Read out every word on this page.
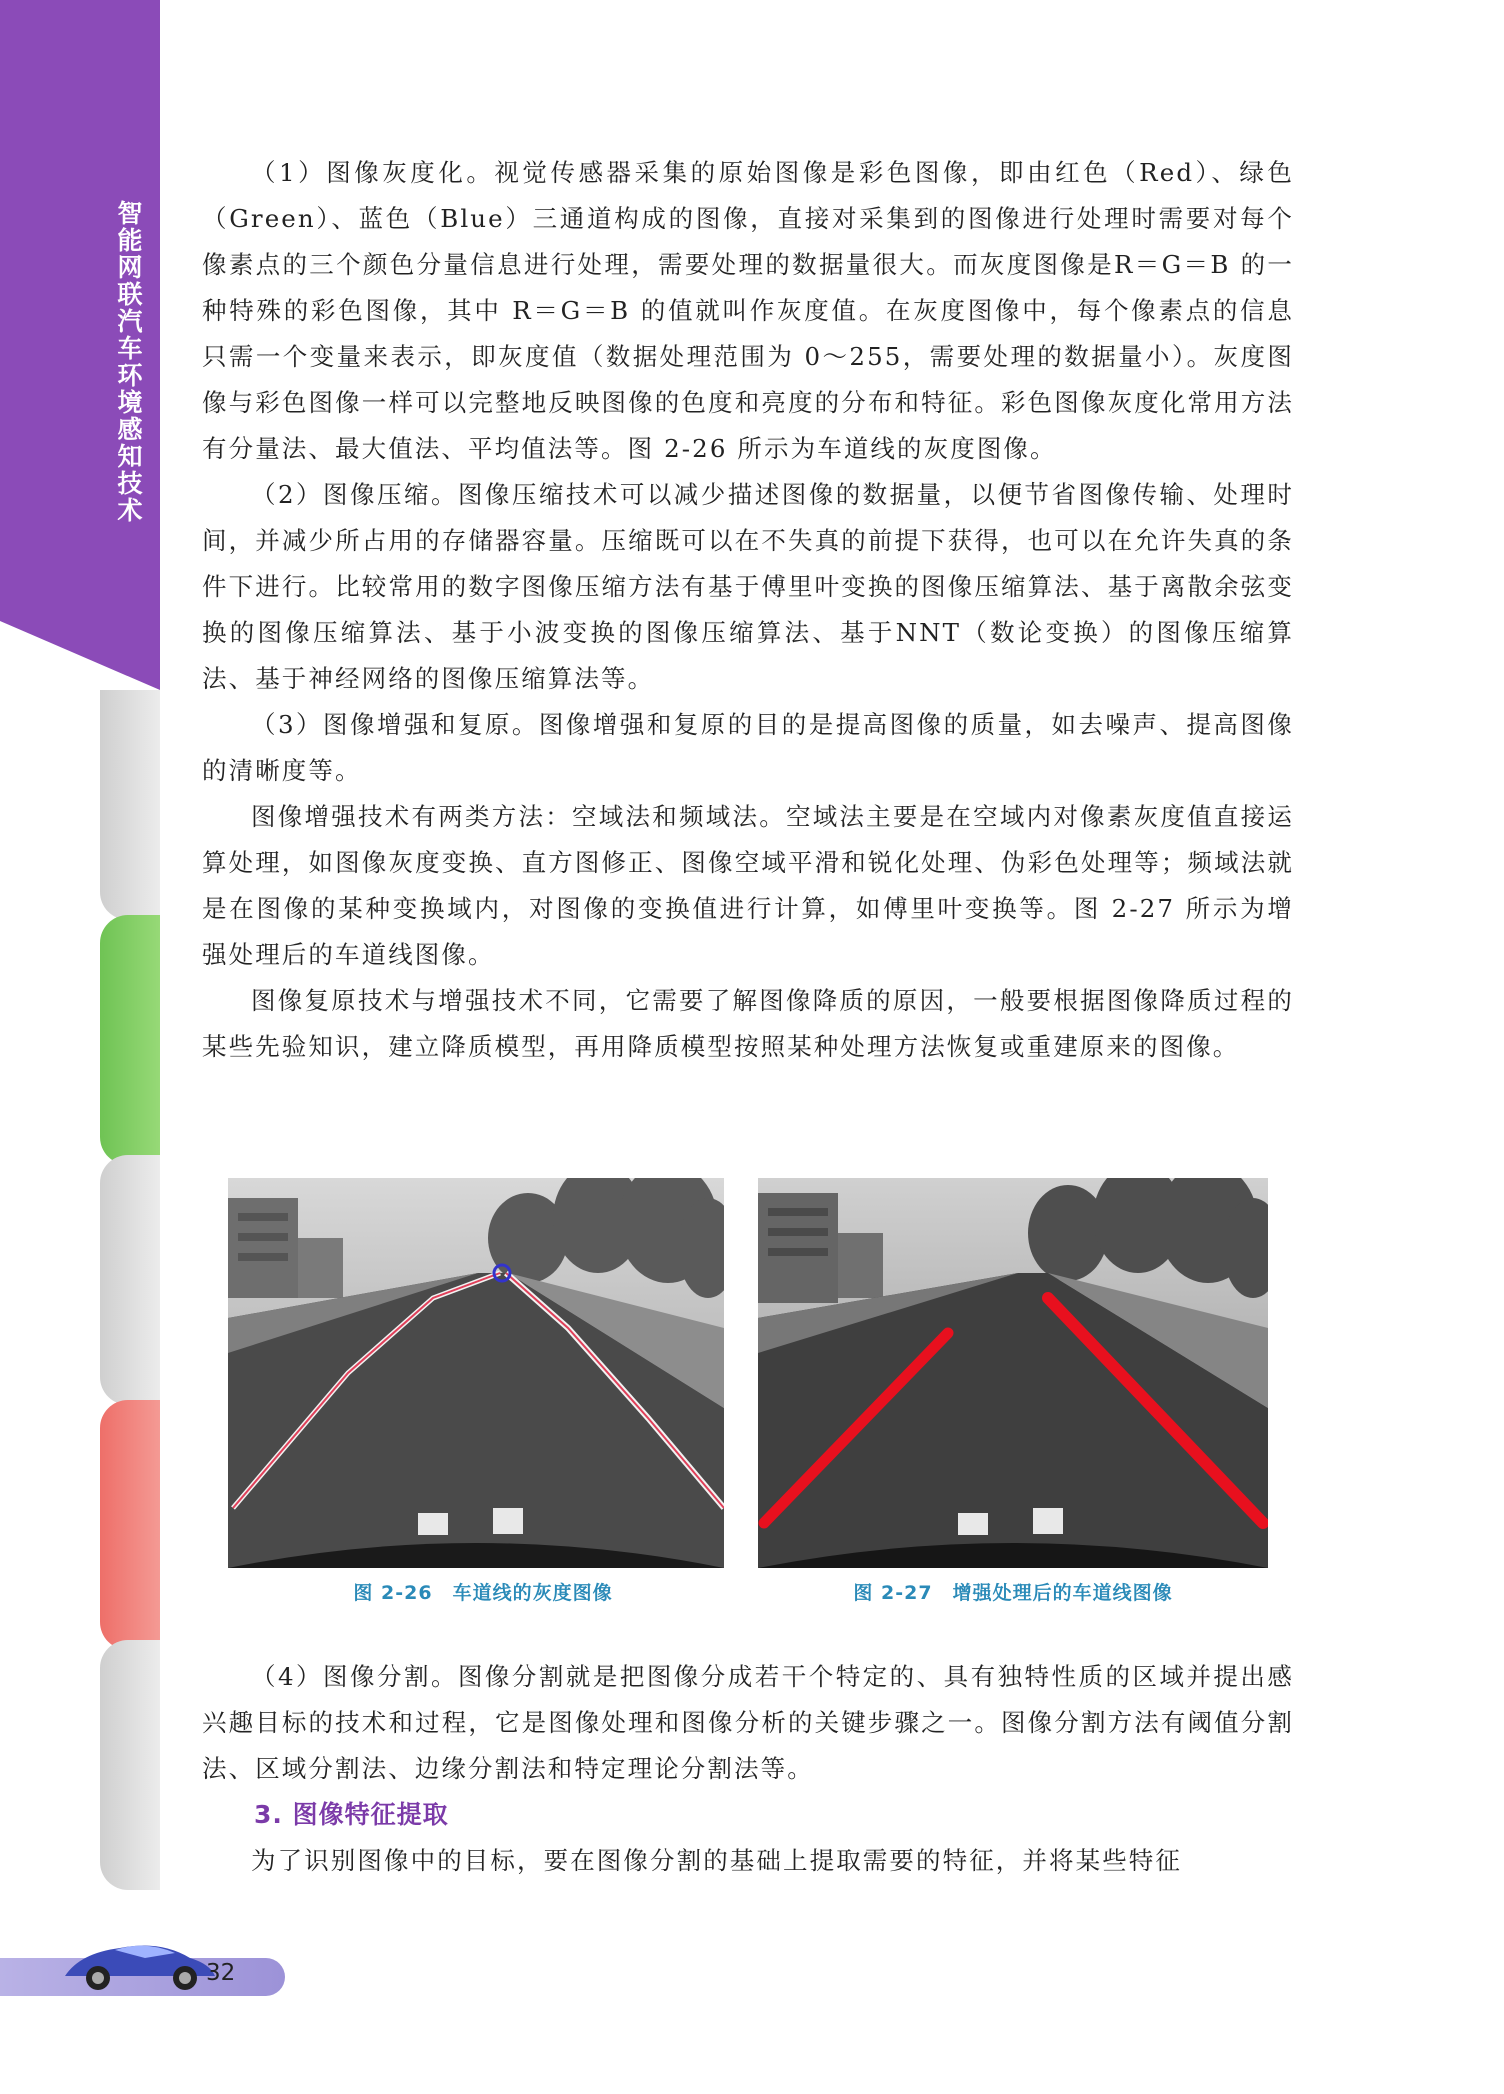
智能网联汽车环境感知技术

（1）图像灰度化。视觉传感器采集的原始图像是彩色图像，即由红色（Red）、绿色（Green）、蓝色（Blue）三通道构成的图像，直接对采集到的图像进行处理时需要对每个像素点的三个颜色分量信息进行处理，需要处理的数据量很大。而灰度图像是R＝G＝B 的一种特殊的彩色图像，其中 R＝G＝B 的值就叫作灰度值。在灰度图像中，每个像素点的信息只需一个变量来表示，即灰度值（数据处理范围为 0～255，需要处理的数据量小）。灰度图像与彩色图像一样可以完整地反映图像的色度和亮度的分布和特征。彩色图像灰度化常用方法有分量法、最大值法、平均值法等。图 2-26 所示为车道线的灰度图像。

（2）图像压缩。图像压缩技术可以减少描述图像的数据量，以便节省图像传输、处理时间，并减少所占用的存储器容量。压缩既可以在不失真的前提下获得，也可以在允许失真的条件下进行。比较常用的数字图像压缩方法有基于傅里叶变换的图像压缩算法、基于离散余弦变换的图像压缩算法、基于小波变换的图像压缩算法、基于NNT（数论变换）的图像压缩算法、基于神经网络的图像压缩算法等。

（3）图像增强和复原。图像增强和复原的目的是提高图像的质量，如去噪声、提高图像的清晰度等。

图像增强技术有两类方法：空域法和频域法。空域法主要是在空域内对像素灰度值直接运算处理，如图像灰度变换、直方图修正、图像空域平滑和锐化处理、伪彩色处理等；频域法就是在图像的某种变换域内，对图像的变换值进行计算，如傅里叶变换等。图 2-27 所示为增强处理后的车道线图像。

图像复原技术与增强技术不同，它需要了解图像降质的原因，一般要根据图像降质过程的某些先验知识，建立降质模型，再用降质模型按照某种处理方法恢复或重建原来的图像。

图 2-26　车道线的灰度图像	图 2-27　增强处理后的车道线图像

（4）图像分割。图像分割就是把图像分成若干个特定的、具有独特性质的区域并提出感兴趣目标的技术和过程，它是图像处理和图像分析的关键步骤之一。图像分割方法有阈值分割法、区域分割法、边缘分割法和特定理论分割法等。

3. 图像特征提取

为了识别图像中的目标，要在图像分割的基础上提取需要的特征，并将某些特征

32
